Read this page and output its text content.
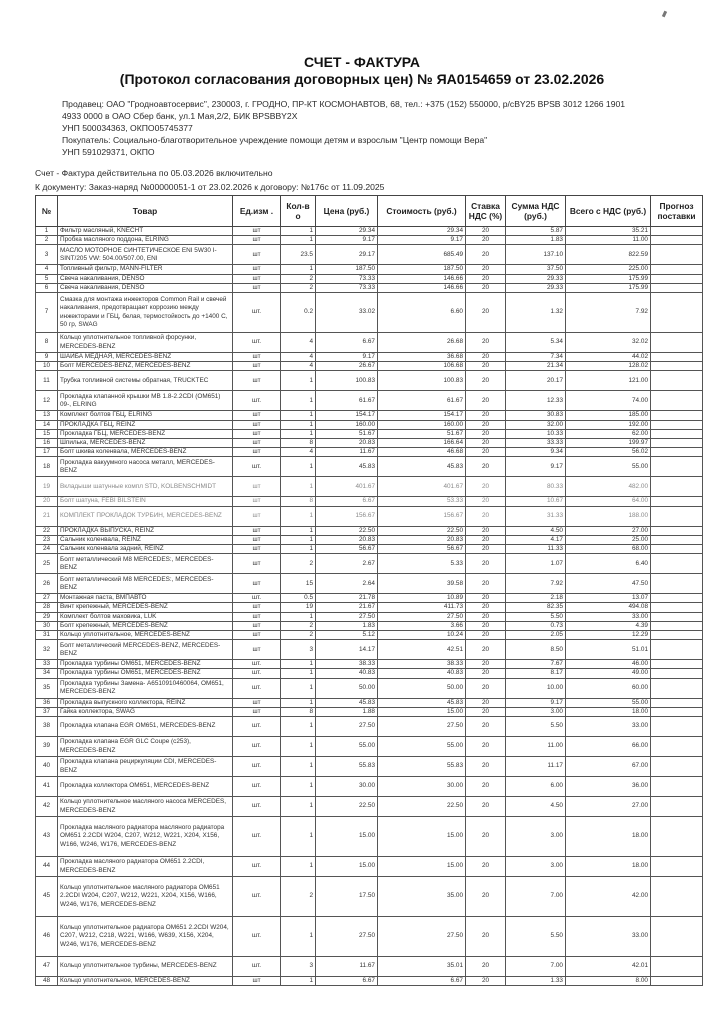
СЧЕТ - ФАКТУРА
(Протокол согласования договорных цен) № ЯА0154659 от 23.02.2026
Продавец: ОАО "Гродноавтосервис", 230003, г. ГРОДНО, ПР-КТ КОСМОНАВТОВ, 68, тел.: +375 (152) 550000, р/сBY25 BPSB 3012 1266 1901
4933 0000 в ОАО Сбер банк, ул.1 Мая,2/2, БИК BPSBBY2X
УНП 500034363, ОКПО05745377
Покупатель: Социально-благотворительное учреждение помощи детям и взрослым "Центр помощи Вера"
УНП 591029371, ОКПО
Счет - Фактура действительна по 05.03.2026 включительно
К документу: Заказ-наряд №00000051-1 от 23.02.2026 к договору: №176с от 11.09.2025
№	Товар	Ед.изм .	Кол-в о	Цена (руб.)	Стоимость (руб.)	Ставка НДС (%)	Сумма НДС (руб.)	Всего с НДС (руб.)	Прогноз поставки
1	Фильтр масляный, KNECHT	шт	1	29.34	29.34	20	5.87	35.21	
2	Пробка масляного поддона, ELRING	шт	1	9.17	9.17	20	1.83	11.00	
3	МАСЛО МОТОРНОЕ СИНТЕТИЧЕСКОЕ ENI 5W30 I-SINT/205 VW: 504.00/507.00, ENI	шт	23.5	29.17	685.49	20	137.10	822.59	
4	Топливный фильтр, MANN-FILTER	шт	1	187.50	187.50	20	37.50	225.00	
5	Свеча накаливания, DENSO	шт	2	73.33	146.66	20	29.33	175.99	
6	Свеча накаливания, DENSO	шт	2	73.33	146.66	20	29.33	175.99	
7	Смазка для монтажа инжекторов Common Rail и свечей накаливания, предотвращает коррозию между инжекторами и ГБЦ, белая, термостойкость до +1400 С, 50 гр, SWAG	шт.	0.2	33.02	6.60	20	1.32	7.92	
8	Кольцо уплотнительное топливной форсунки, MERCEDES-BENZ	шт.	4	6.67	26.68	20	5.34	32.02	
9	ШАЙБА МЕДНАЯ, MERCEDES-BENZ	шт	4	9.17	36.68	20	7.34	44.02	
10	Болт MERCEDES-BENZ, MERCEDES-BENZ	шт	4	26.67	106.68	20	21.34	128.02	
11	Трубка топливной системы обратная, TRUCKTEC	шт	1	100.83	100.83	20	20.17	121.00	
12	Прокладка клапанной крышки MB 1.8-2.2CDI (OM651) 09-, ELRING	шт.	1	61.67	61.67	20	12.33	74.00	
13	Комплект болтов ГБЦ, ELRING	шт	1	154.17	154.17	20	30.83	185.00	
14	ПРОКЛАДКА ГБЦ, REINZ	шт	1	160.00	160.00	20	32.00	192.00	
15	Прокладка ГБЦ, MERCEDES-BENZ	шт	1	51.67	51.67	20	10.33	62.00	
16	Шпилька, MERCEDES-BENZ	шт	8	20.83	166.64	20	33.33	199.97	
17	Болт шкива коленвала, MERCEDES-BENZ	шт	4	11.67	46.68	20	9.34	56.02	
18	Прокладка вакуумного насоса металл, MERCEDES-BENZ	шт.	1	45.83	45.83	20	9.17	55.00	
19	Вкладыши шатунные компл STD, KOLBENSCHMIDT	шт	1	401.67	401.67	20	80.33	482.00	
20	Болт шатуна, FEBI BILSTEIN	шт	8	6.67	53.33	20	10.67	64.00	
21	КОМПЛЕКТ ПРОКЛАДОК ТУРБИН, MERCEDES-BENZ	шт	1	156.67	156.67	20	31.33	188.00	
22	ПРОКЛАДКА ВЫПУСКА, REINZ	шт	1	22.50	22.50	20	4.50	27.00	
23	Сальник коленвала, REINZ	шт	1	20.83	20.83	20	4.17	25.00	
24	Сальник коленвала задний, REINZ	шт	1	56.67	56.67	20	11.33	68.00	
25	Болт металлический M8 MERCEDES:, MERCEDES-BENZ	шт	2	2.67	5.33	20	1.07	6.40	
26	Болт металлический M8 MERCEDES:, MERCEDES-BENZ	шт	15	2.64	39.58	20	7.92	47.50	
27	Монтажная паста, ВМПАВТО	шт.	0.5	21.78	10.89	20	2.18	13.07	
28	Винт крепежный, MERCEDES-BENZ	шт	19	21.67	411.73	20	82.35	494.08	
29	Комплект болтов маховика, LUK	шт	1	27.50	27.50	20	5.50	33.00	
30	Болт крепежный, MERCEDES-BENZ	шт	2	1.83	3.66	20	0.73	4.39	
31	Кольцо уплотнительное, MERCEDES-BENZ	шт	2	5.12	10.24	20	2.05	12.29	
32	Болт металлический MERCEDES-BENZ, MERCEDES-BENZ	шт	3	14.17	42.51	20	8.50	51.01	
33	Прокладка турбины OM651, MERCEDES-BENZ	шт.	1	38.33	38.33	20	7.67	46.00	
34	Прокладка турбины OM651, MERCEDES-BENZ	шт.	1	40.83	40.83	20	8.17	49.00	
35	Прокладка турбины Замена- A6510910460064, OM651, MERCEDES-BENZ	шт.	1	50.00	50.00	20	10.00	60.00	
36	Прокладка выпускного коллектора, REINZ	шт	1	45.83	45.83	20	9.17	55.00	
37	Гайка коллектора, SWAG	шт	8	1.88	15.00	20	3.00	18.00	
38	Прокладка клапана EGR OM651, MERCEDES-BENZ	шт.	1	27.50	27.50	20	5.50	33.00	
39	Прокладка клапана EGR GLC Coupe (c253), MERCEDES-BENZ	шт.	1	55.00	55.00	20	11.00	66.00	
40	Прокладка клапана рециркуляции CDI, MERCEDES-BENZ	шт.	1	55.83	55.83	20	11.17	67.00	
41	Прокладка коллектора OM651, MERCEDES-BENZ	шт.	1	30.00	30.00	20	6.00	36.00	
42	Кольцо уплотнительное масляного насоса MERCEDES, MERCEDES-BENZ	шт.	1	22.50	22.50	20	4.50	27.00	
43	Прокладка масляного радиатора масляного радиатора OM651 2.2CDI W204, C207, W212, W221, X204, X156, W166, W246, W176, MERCEDES-BENZ	шт.	1	15.00	15.00	20	3.00	18.00	
44	Прокладка масляного радиатора OM651 2.2CDI, MERCEDES-BENZ	шт.	1	15.00	15.00	20	3.00	18.00	
45	Кольцо уплотнительное масляного радиатора OM651 2.2CDI W204, C207, W212, W221, X204, X156, W166, W246, W176, MERCEDES-BENZ	шт.	2	17.50	35.00	20	7.00	42.00	
46	Кольцо уплотнительное радиатора OM651 2.2CDI W204, C207, W212, C218, W221, W166, W639, X156, X204, W246, W176, MERCEDES-BENZ	шт.	1	27.50	27.50	20	5.50	33.00	
47	Кольцо уплотнительное турбины, MERCEDES-BENZ	шт.	3	11.67	35.01	20	7.00	42.01	
48	Кольцо уплотнительное, MERCEDES-BENZ	шт	1	6.67	6.67	20	1.33	8.00	
